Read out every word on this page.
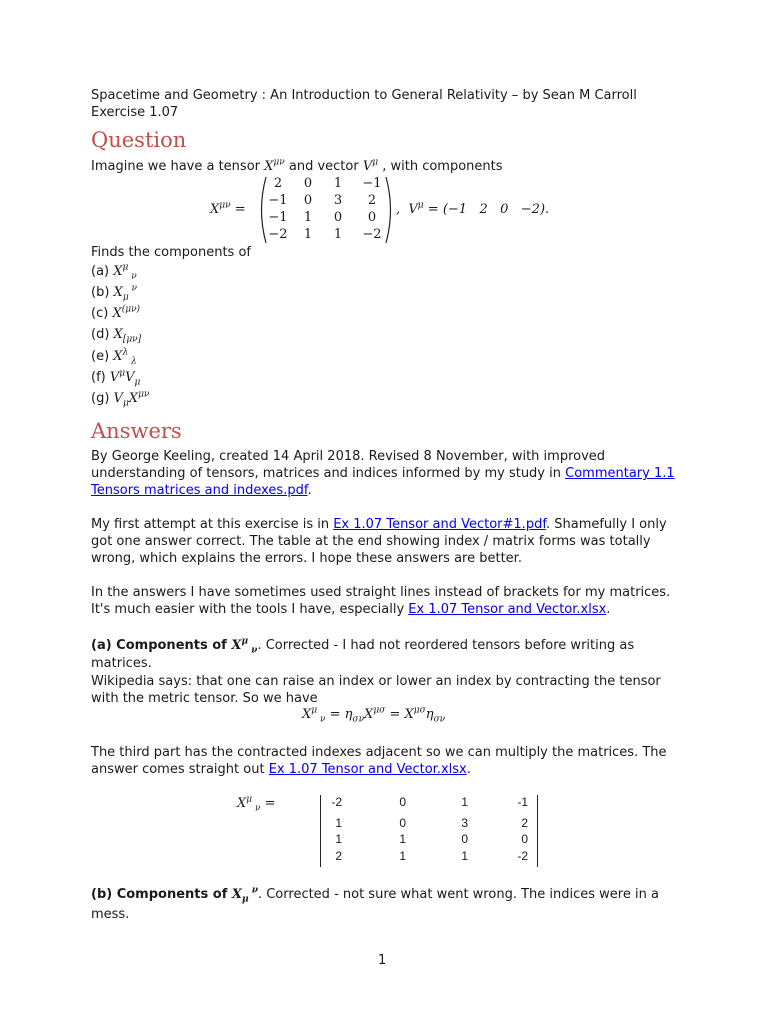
Spacetime and Geometry : An Introduction to General Relativity – by Sean M Carroll
Exercise 1.07
Question
Imagine we have a tensor $X^{\mu\nu}$ and vector $V^\mu$ , with components
$X^{\mu\nu}$ =
2	0	1	−1
−1	0	3	2
−1	1	0	0
−2	1	1	−2
,  $V^\mu = (-1$   2   0   −2).
Finds the components of
(a) $X^\mu$ $_\nu$
(b) $X_\mu$ $^\nu$
(c) $X^{(\mu\nu)}$
(d) $X_{[\mu\nu]}$
(e) $X^\lambda$ $_\lambda$
(f) $V^\mu V_\mu$
(g) $V_\mu X^{\mu\nu}$
Answers
By George Keeling, created 14 April 2018. Revised 8 November, with improved
understanding of tensors, matrices and indices informed by my study in Commentary 1.1
Tensors matrices and indexes.pdf.
My first attempt at this exercise is in Ex 1.07 Tensor and Vector#1.pdf. Shamefully I only
got one answer correct. The table at the end showing index / matrix forms was totally
wrong, which explains the errors. I hope these answers are better.
In the answers I have sometimes used straight lines instead of brackets for my matrices.
It's much easier with the tools I have, especially Ex 1.07 Tensor and Vector.xlsx.
(a) Components of $X^\mu$ $_\nu$. Corrected - I had not reordered tensors before writing as
matrices.
Wikipedia says: that one can raise an index or lower an index by contracting the tensor
with the metric tensor. So we have
$X^\mu$ $_\nu = \eta_{\sigma\nu}X^{\mu\sigma} = X^{\mu\sigma}\eta_{\sigma\nu}$
The third part has the contracted indexes adjacent so we can multiply the matrices. The
answer comes straight out Ex 1.07 Tensor and Vector.xlsx.
$X^\mu$ $_\nu$ =	-2	0	1	-1
1	0	3	2
1	1	0	0
2	1	1	-2
(b) Components of $X_\mu$ $^\nu$. Corrected - not sure what went wrong. The indices were in a
mess.
1
